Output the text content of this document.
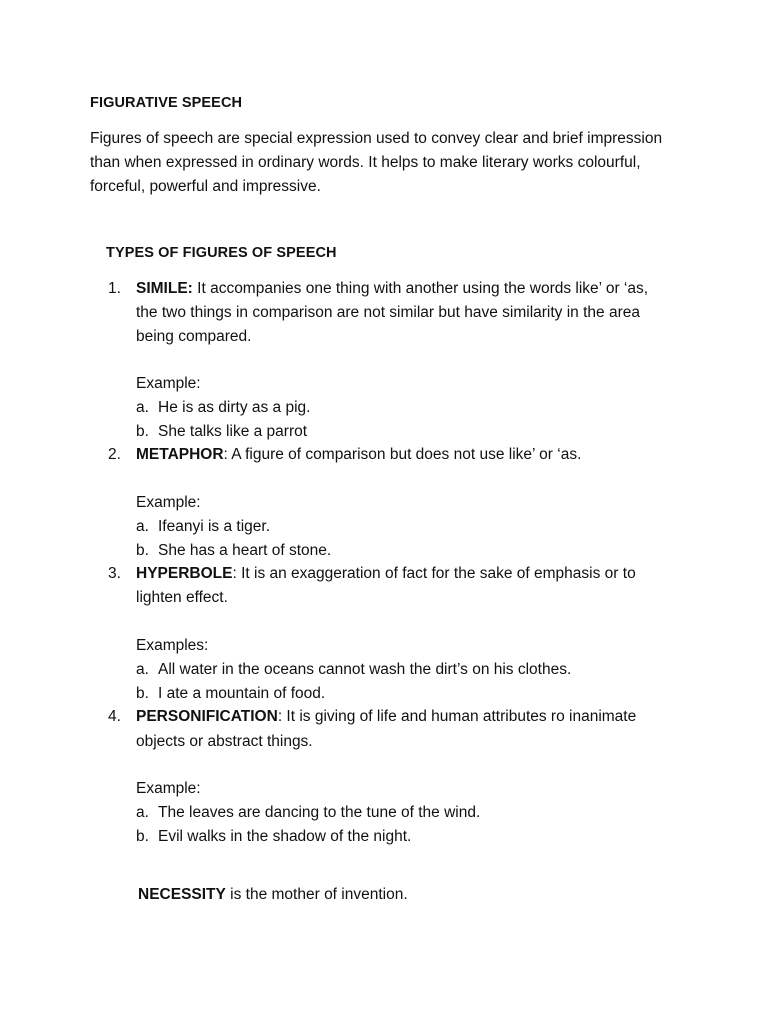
FIGURATIVE SPEECH
Figures of speech are special expression used to convey clear and brief impression
than when expressed in ordinary words. It helps to make literary works colourful,
forceful, powerful and impressive.
TYPES OF FIGURES OF SPEECH
1. SIMILE: It accompanies one thing with another using the words like’ or ‘as,
the two things in comparison are not similar but have similarity in the area
being compared.
Example:
a. He is as dirty as a pig.
b. She talks like a parrot
2. METAPHOR: A figure of comparison but does not use like’ or ‘as.
Example:
a. Ifeanyi is a tiger.
b. She has a heart of stone.
3. HYPERBOLE: It is an exaggeration of fact for the sake of emphasis or to
lighten effect.
Examples:
a. All water in the oceans cannot wash the dirt’s on his clothes.
b. I ate a mountain of food.
4. PERSONIFICATION: It is giving of life and human attributes ro inanimate
objects or abstract things.
Example:
a. The leaves are dancing to the tune of the wind.
b. Evil walks in the shadow of the night.
NECESSITY is the mother of invention.
